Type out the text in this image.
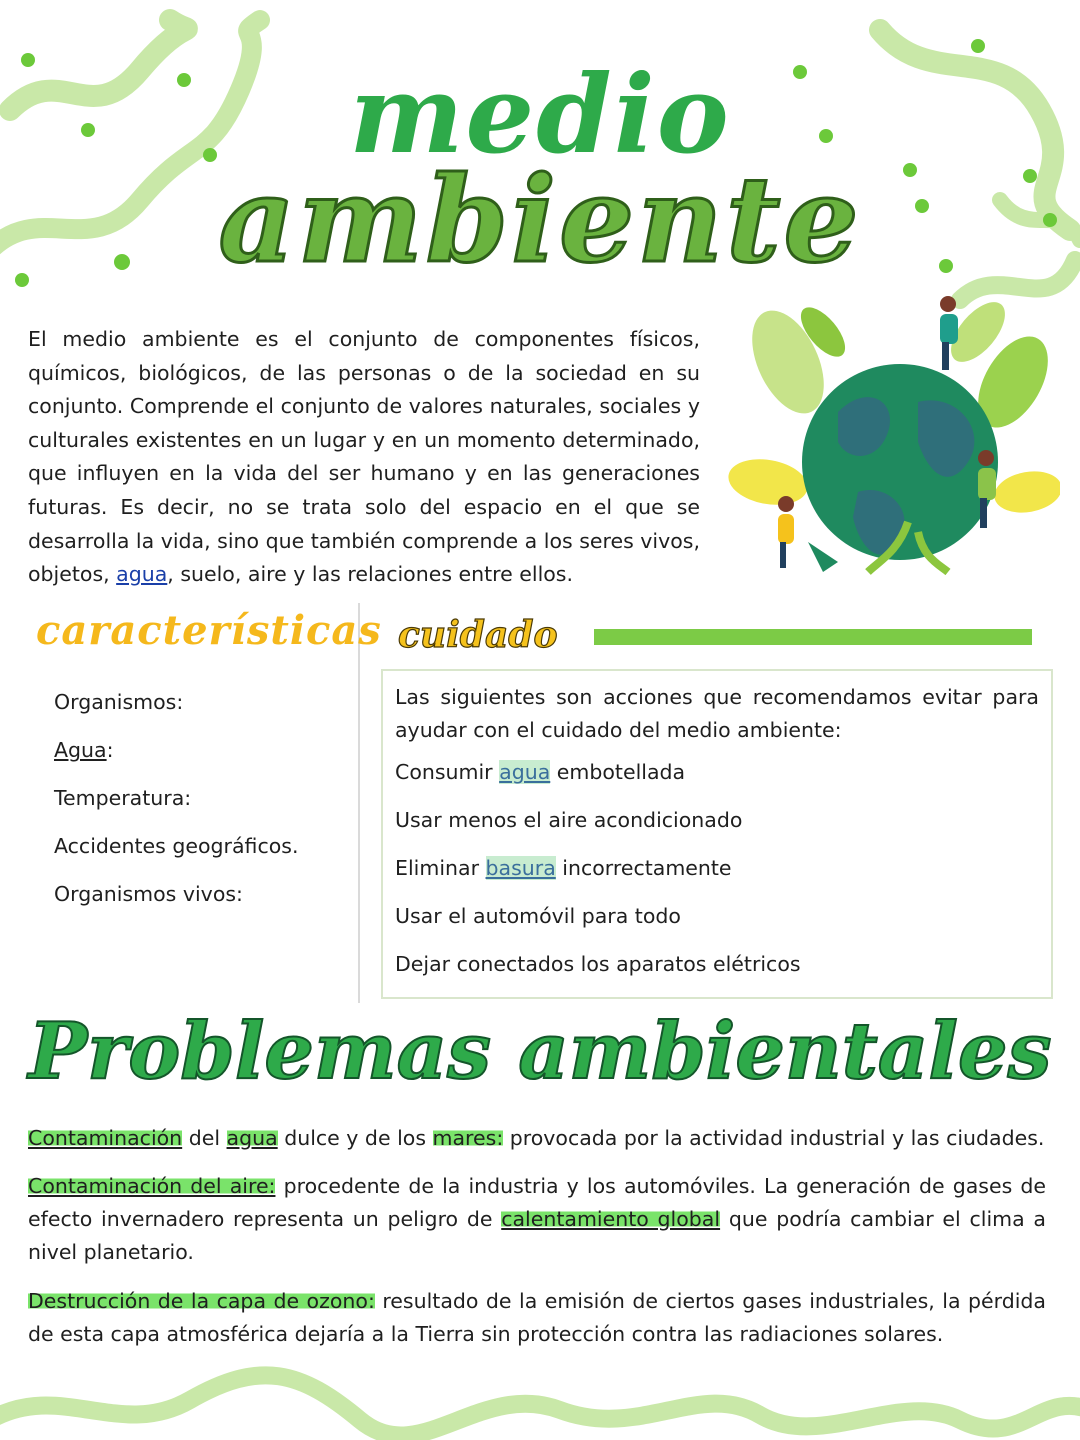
medio
ambiente

El medio ambiente es el conjunto de componentes físicos, químicos, biológicos, de las personas o de la sociedad en su conjunto. Comprende el conjunto de valores naturales, sociales y culturales existentes en un lugar y en un momento determinado, que influyen en la vida del ser humano y en las generaciones futuras. Es decir, no se trata solo del espacio en el que se desarrolla la vida, sino que también comprende a los seres vivos, objetos, agua, suelo, aire y las relaciones entre ellos.

características
Organismos:
Agua:
Temperatura:
Accidentes geográficos.
Organismos vivos:
cuidado

Las siguientes son acciones que recomendamos evitar para ayudar con el cuidado del medio ambiente:

Consumir agua embotellada
Usar menos el aire acondicionado
Eliminar basura incorrectamente
Usar el automóvil para todo
Dejar conectados los aparatos elétricos
Problemas ambientales

Contaminación del agua dulce y de los mares: provocada por la actividad industrial y las ciudades.

Contaminación del aire: procedente de la industria y los automóviles. La generación de gases de efecto invernadero representa un peligro de calentamiento global que podría cambiar el clima a nivel planetario.

Destrucción de la capa de ozono: resultado de la emisión de ciertos gases industriales, la pérdida de esta capa atmosférica dejaría a la Tierra sin protección contra las radiaciones solares.
